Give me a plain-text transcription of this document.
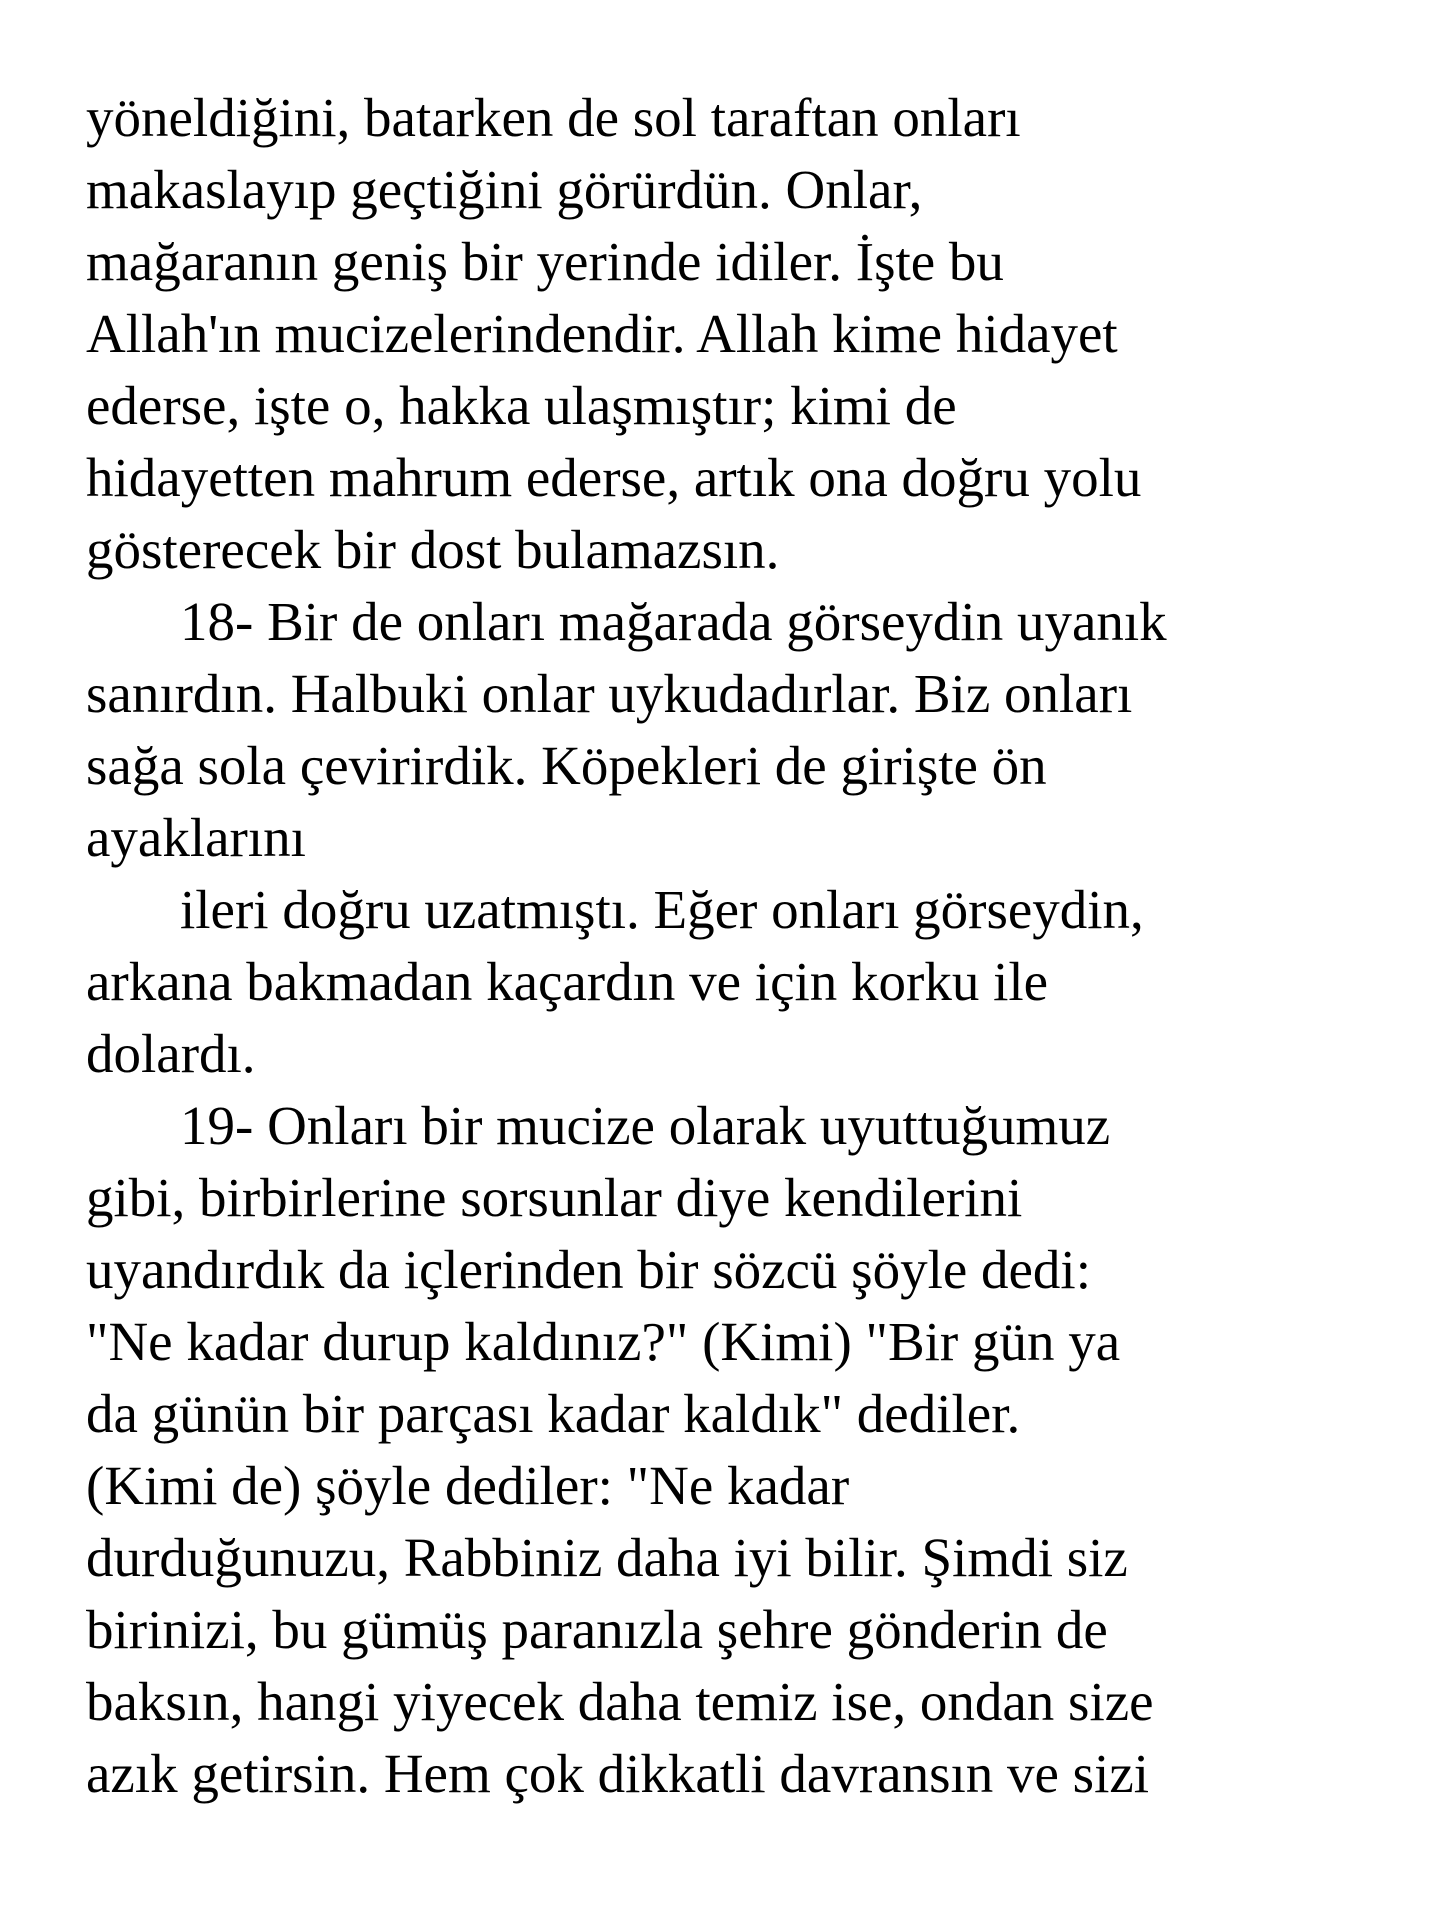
yöneldiğini, batarken de sol taraftan onları
makaslayıp geçtiğini görürdün. Onlar,
mağaranın geniş bir yerinde idiler. İşte bu
Allah'ın mucizelerindendir. Allah kime hidayet
ederse, işte o, hakka ulaşmıştır; kimi de
hidayetten mahrum ederse, artık ona doğru yolu
gösterecek bir dost bulamazsın.
18- Bir de onları mağarada görseydin uyanık
sanırdın. Halbuki onlar uykudadırlar. Biz onları
sağa sola çevirirdik. Köpekleri de girişte ön
ayaklarını
ileri doğru uzatmıştı. Eğer onları görseydin,
arkana bakmadan kaçardın ve için korku ile
dolardı.
19- Onları bir mucize olarak uyuttuğumuz
gibi, birbirlerine sorsunlar diye kendilerini
uyandırdık da içlerinden bir sözcü şöyle dedi:
"Ne kadar durup kaldınız?" (Kimi) "Bir gün ya
da günün bir parçası kadar kaldık" dediler.
(Kimi de) şöyle dediler: "Ne kadar
durduğunuzu, Rabbiniz daha iyi bilir. Şimdi siz
birinizi, bu gümüş paranızla şehre gönderin de
baksın, hangi yiyecek daha temiz ise, ondan size
azık getirsin. Hem çok dikkatli davransın ve sizi
